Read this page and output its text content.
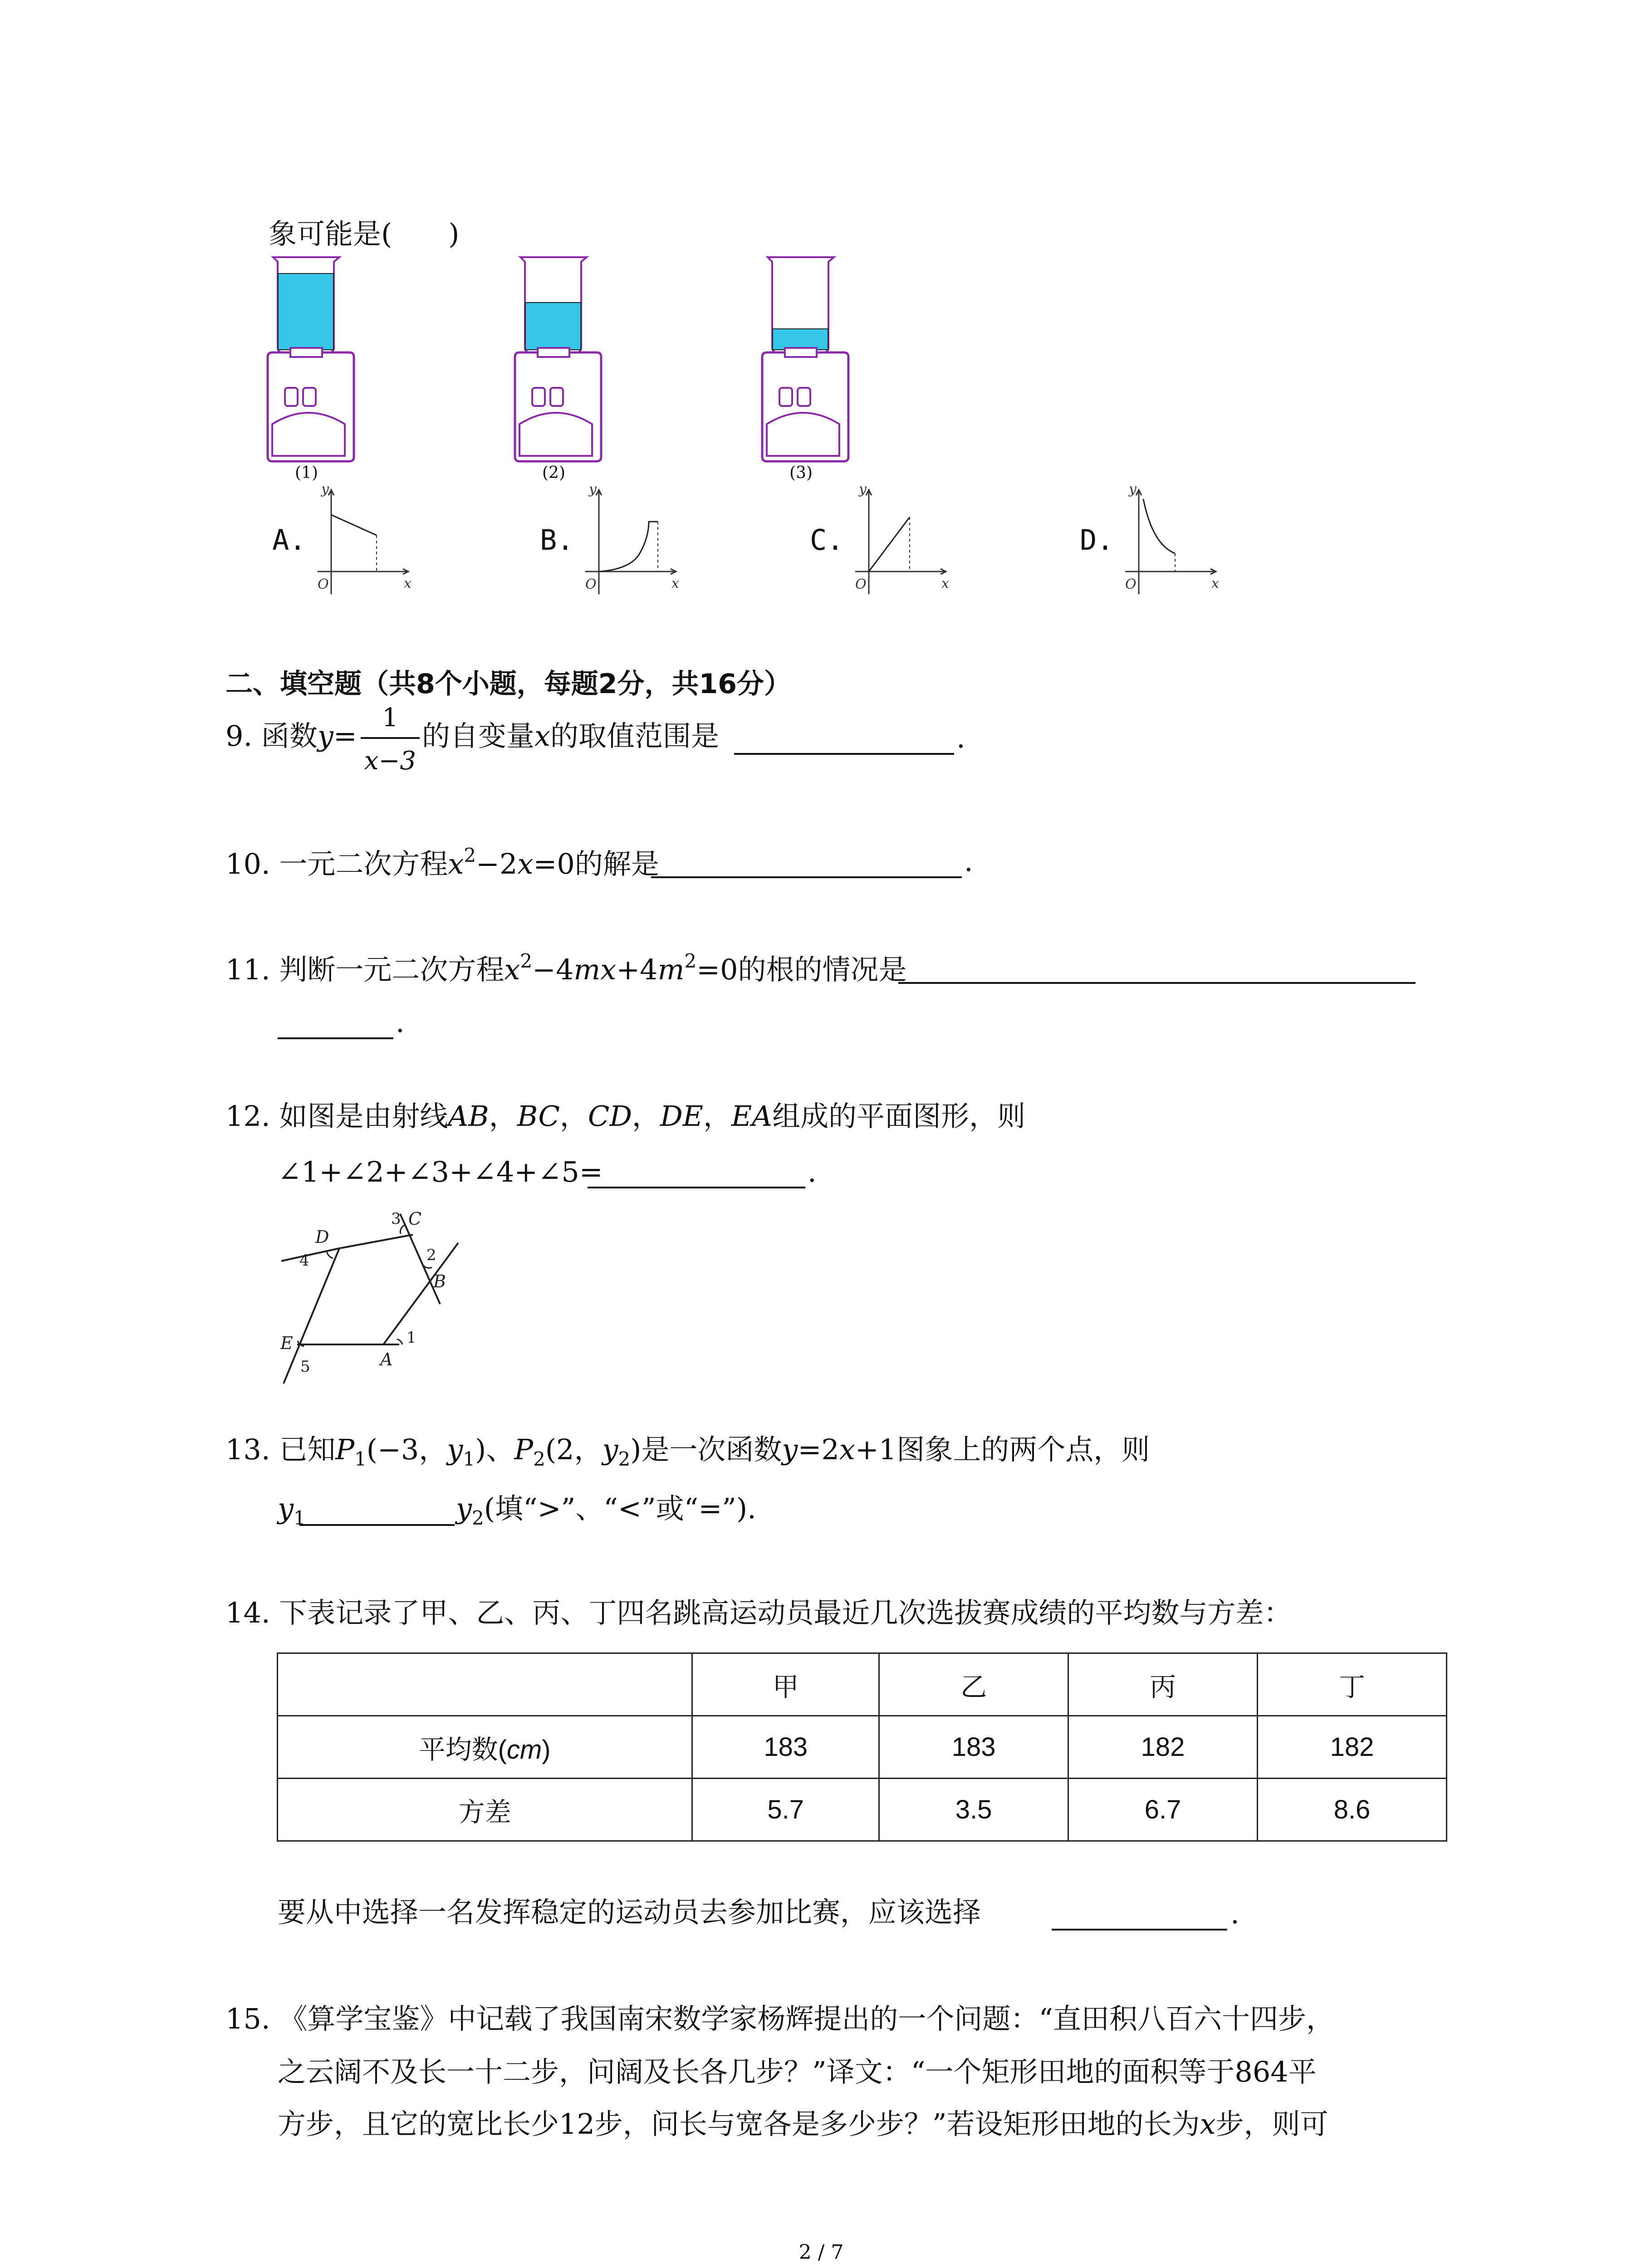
象可能是(　　)
(1)	(2)	(3)
A.	B.	C.	D.
y
O	x
y
O	x
y
O	x
y
O	x
二、填空题（共8个小题，每题2分，共16分）
9. 函数y=
1
x−3
的自变量x的取值范围是	.
10. 一元二次方程$x^2-2x=0$的解是	.
11. 判断一元二次方程$x^2-4mx+4m^2=0$的根的情况是
.
12. 如图是由射线AB，BC，CD，DE，EA组成的平面图形，则
∠1+∠2+∠3+∠4+∠5=	.
D
C
B
E
A
1
2
3
4
5
13. 已知$P_1(-3$，$y_1$)、$P_2(2$，$y_2$)是一次函数y=2x+1图象上的两个点，则
$y_1$	$y_2$(填“>”、“<”或“=”).
14. 下表记录了甲、乙、丙、丁四名跳高运动员最近几次选拔赛成绩的平均数与方差：
	甲	乙	丙	丁
平均数(cm)	183	183	182	182
方差	5.7	3.5	6.7	8.6
要从中选择一名发挥稳定的运动员去参加比赛，应该选择	.
15. 《算学宝鉴》中记载了我国南宋数学家杨辉提出的一个问题：“直田积八百六十四步，
之云阔不及长一十二步，问阔及长各几步？”译文：“一个矩形田地的面积等于864平
方步，且它的宽比长少12步，问长与宽各是多少步？”若设矩形田地的长为x步，则可
2 / 7
